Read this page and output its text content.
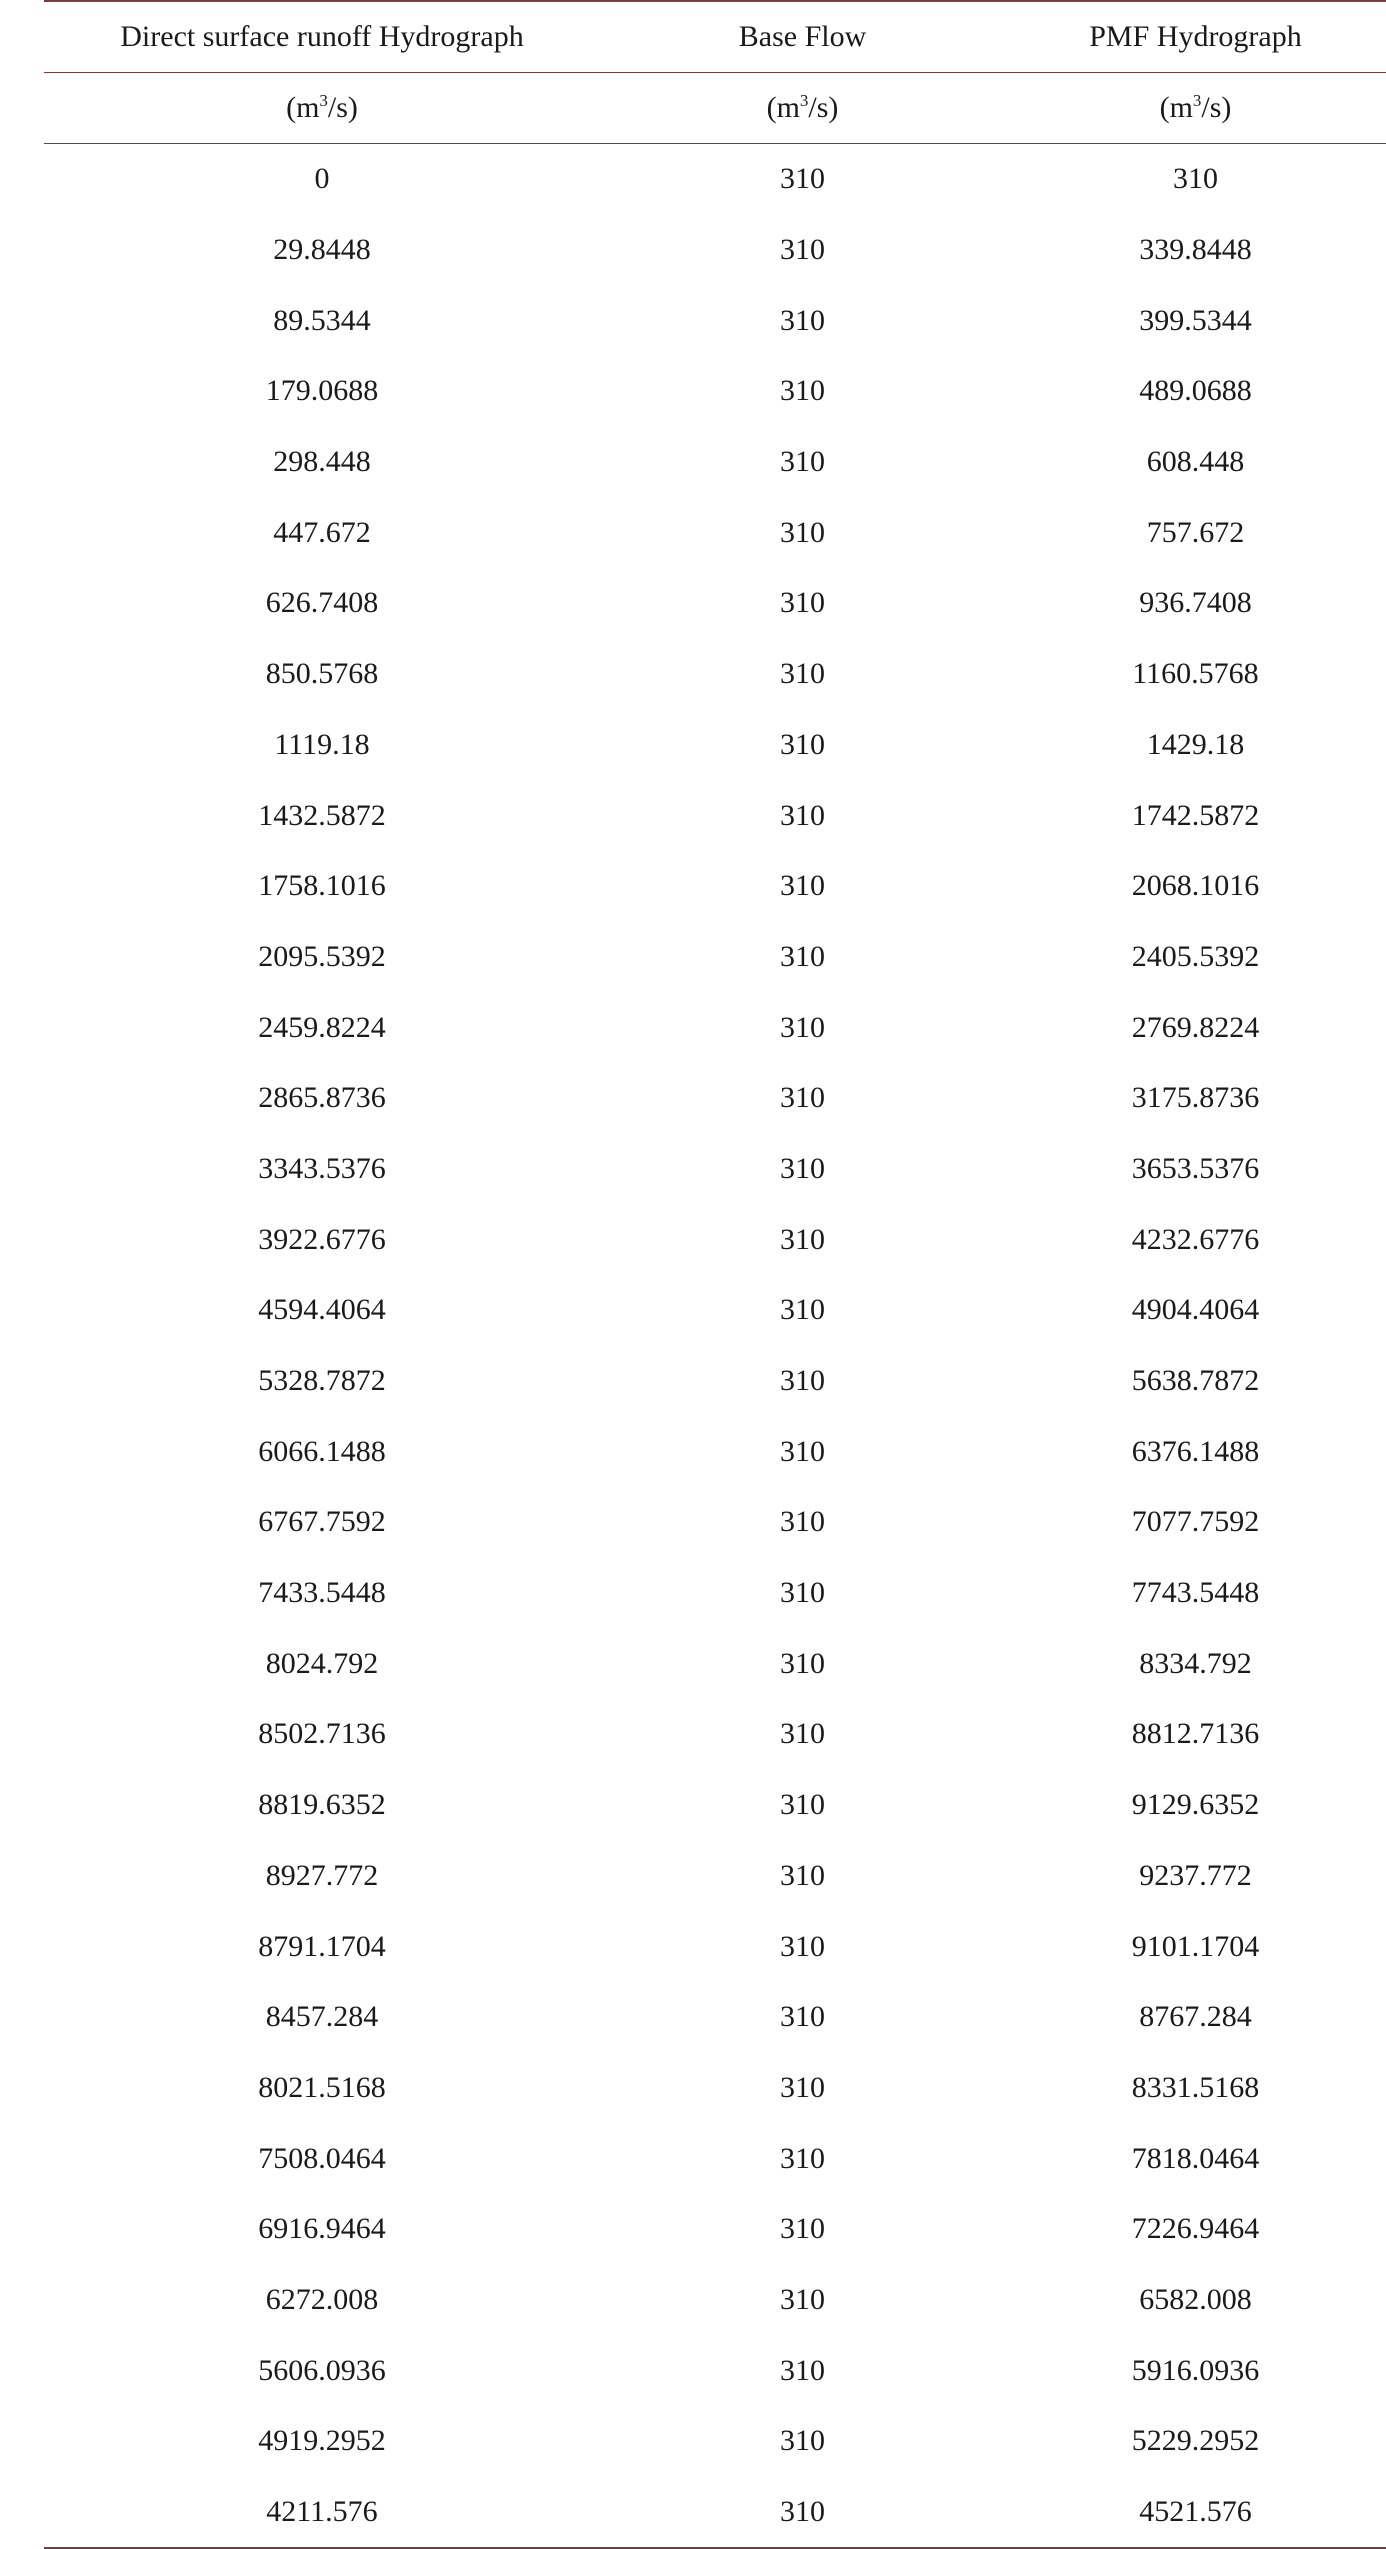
Direct surface runoff Hydrograph	Base Flow	PMF Hydrograph
$(m^3/s)$	$(m^3/s)$	$(m^3/s)$
0	310	310
29.8448	310	339.8448
89.5344	310	399.5344
179.0688	310	489.0688
298.448	310	608.448
447.672	310	757.672
626.7408	310	936.7408
850.5768	310	1160.5768
1119.18	310	1429.18
1432.5872	310	1742.5872
1758.1016	310	2068.1016
2095.5392	310	2405.5392
2459.8224	310	2769.8224
2865.8736	310	3175.8736
3343.5376	310	3653.5376
3922.6776	310	4232.6776
4594.4064	310	4904.4064
5328.7872	310	5638.7872
6066.1488	310	6376.1488
6767.7592	310	7077.7592
7433.5448	310	7743.5448
8024.792	310	8334.792
8502.7136	310	8812.7136
8819.6352	310	9129.6352
8927.772	310	9237.772
8791.1704	310	9101.1704
8457.284	310	8767.284
8021.5168	310	8331.5168
7508.0464	310	7818.0464
6916.9464	310	7226.9464
6272.008	310	6582.008
5606.0936	310	5916.0936
4919.2952	310	5229.2952
4211.576	310	4521.576
